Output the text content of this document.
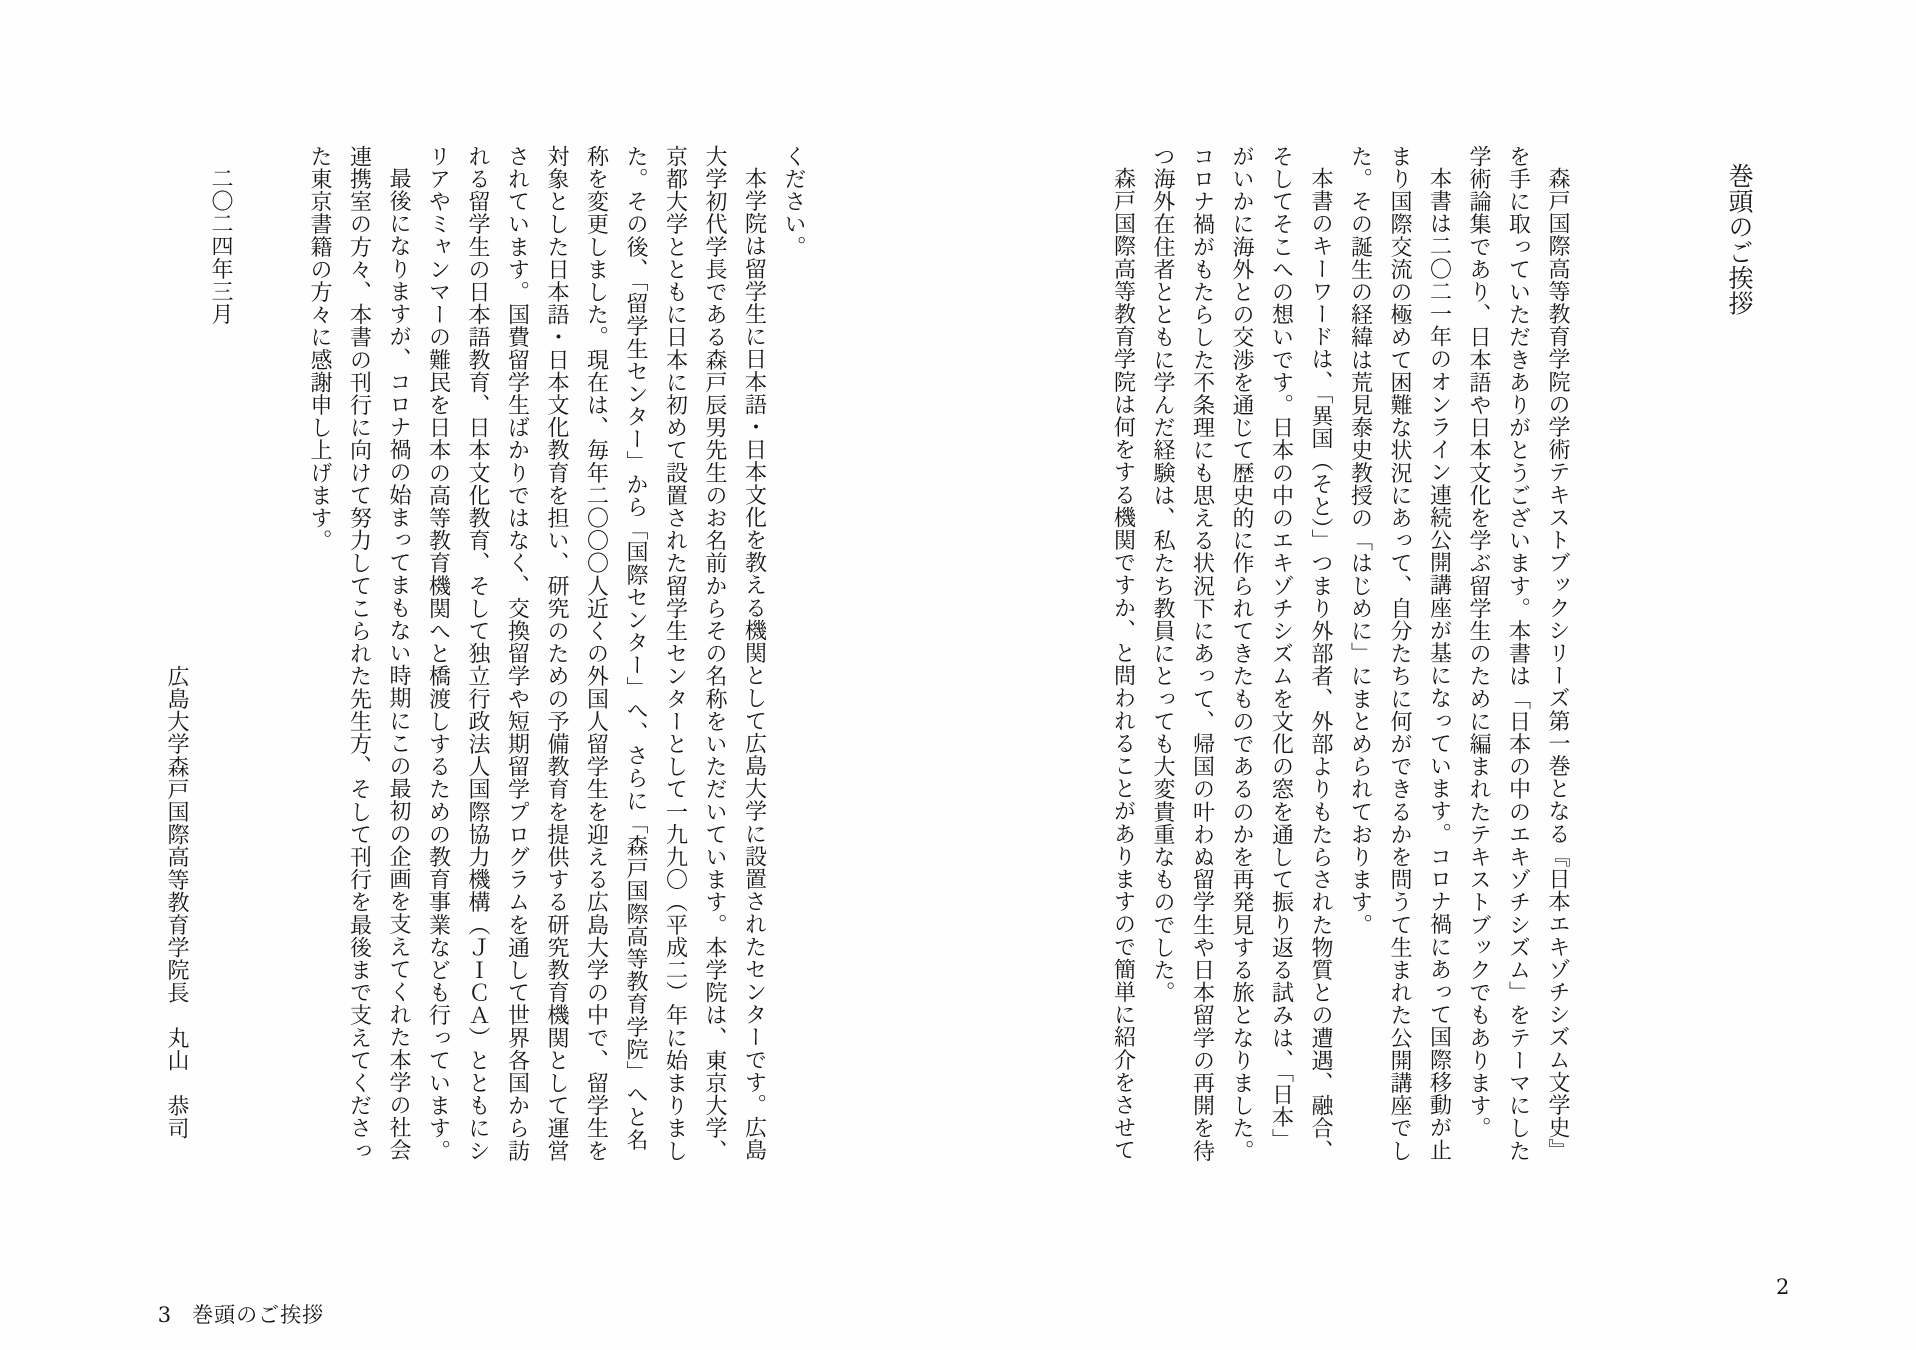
巻頭のご挨拶

森戸国際高等教育学院の学術テキストブックシリーズ第一巻となる『日本エキゾチシズム文学史』を手に取っていただきありがとうございます。本書は「日本の中のエキゾチシズム」をテーマにした学術論集であり、日本語や日本文化を学ぶ留学生のために編まれたテキストブックでもあります。

本書は二〇二一年のオンライン連続公開講座が基になっています。コロナ禍にあって国際移動が止まり国際交流の極めて困難な状況にあって、自分たちに何ができるかを問うて生まれた公開講座でした。その誕生の経緯は荒見泰史教授の「はじめに」にまとめられております。

本書のキーワードは、「異国（そと）」つまり外部者、外部よりもたらされた物質との遭遇、融合、そしてそこへの想いです。日本の中のエキゾチシズムを文化の窓を通して振り返る試みは、「日本」がいかに海外との交渉を通じて歴史的に作られてきたものであるのかを再発見する旅となりました。コロナ禍がもたらした不条理にも思える状況下にあって、帰国の叶わぬ留学生や日本留学の再開を待つ海外在住者とともに学んだ経験は、私たち教員にとっても大変貴重なものでした。

森戸国際高等教育学院は何をする機関ですか、と問われることがありますので簡単に紹介をさせて

2

ください。

本学院は留学生に日本語・日本文化を教える機関として広島大学に設置されたセンターです。広島大学初代学長である森戸辰男先生のお名前からその名称をいただいています。本学院は、東京大学、京都大学とともに日本に初めて設置された留学生センターとして一九九〇（平成二）年に始まりました。その後、「留学生センター」から「国際センター」へ、さらに「森戸国際高等教育学院」へと名称を変更しました。現在は、毎年二〇〇〇人近くの外国人留学生を迎える広島大学の中で、留学生を対象とした日本語・日本文化教育を担い、研究のための予備教育を提供する研究教育機関として運営されています。国費留学生ばかりではなく、交換留学や短期留学プログラムを通して世界各国から訪れる留学生の日本語教育、日本文化教育、そして独立行政法人国際協力機構（ＪＩＣＡ）とともにシリアやミャンマーの難民を日本の高等教育機関へと橋渡しするための教育事業なども行っています。

最後になりますが、コロナ禍の始まってまもない時期にこの最初の企画を支えてくれた本学の社会連携室の方々、本書の刊行に向けて努力してこられた先生方、そして刊行を最後まで支えてくださった東京書籍の方々に感謝申し上げます。

二〇二四年三月

広島大学森戸国際高等教育学院長　丸山　恭司

3 巻頭のご挨拶
